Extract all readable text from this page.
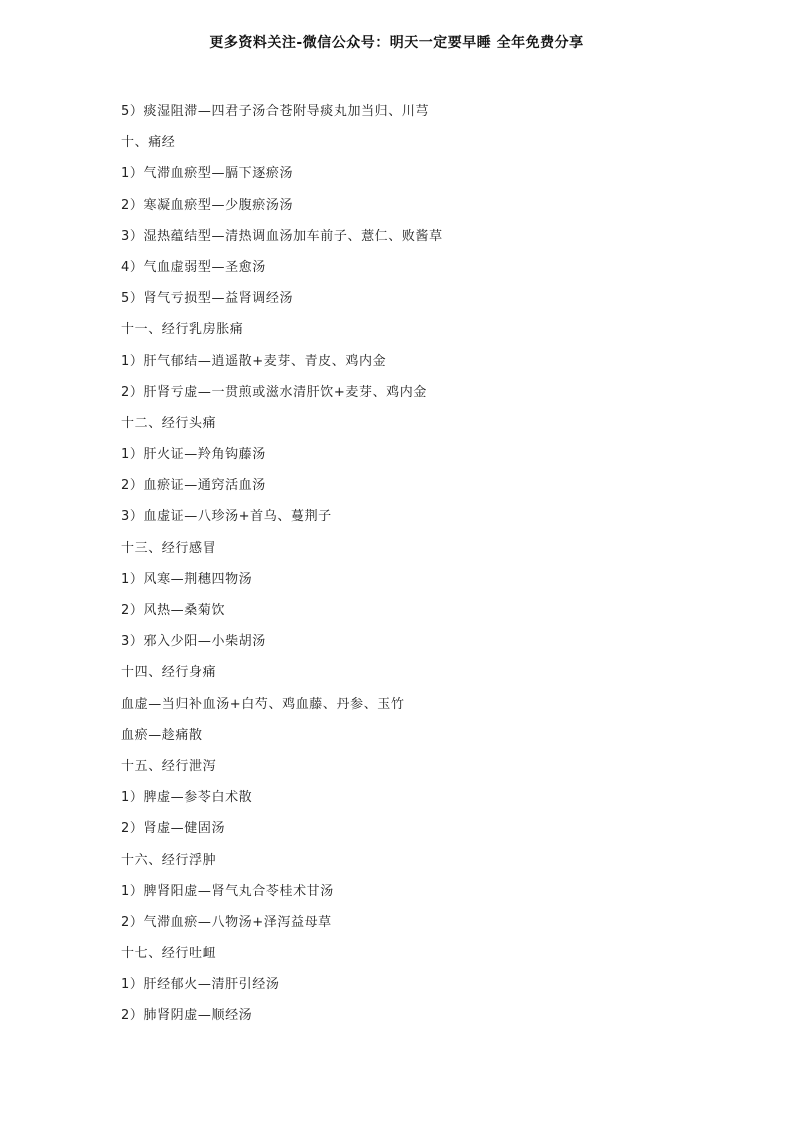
更多资料关注-微信公众号：明天一定要早睡 全年免费分享
5）痰湿阻滞—四君子汤合苍附导痰丸加当归、川芎
十、痛经
1）气滞血瘀型—膈下逐瘀汤
2）寒凝血瘀型—少腹瘀汤汤
3）湿热蕴结型—清热调血汤加车前子、薏仁、败酱草
4）气血虚弱型—圣愈汤
5）肾气亏损型—益肾调经汤
十一、经行乳房胀痛
1）肝气郁结—逍遥散+麦芽、青皮、鸡内金
2）肝肾亏虚—一贯煎或滋水清肝饮+麦芽、鸡内金
十二、经行头痛
1）肝火证—羚角钩藤汤
2）血瘀证—通窍活血汤
3）血虚证—八珍汤+首乌、蔓荆子
十三、经行感冒
1）风寒—荆穗四物汤
2）风热—桑菊饮
3）邪入少阳—小柴胡汤
十四、经行身痛
血虚—当归补血汤+白芍、鸡血藤、丹参、玉竹
血瘀—趁痛散
十五、经行泄泻
1）脾虚—参苓白术散
2）肾虚—健固汤
十六、经行浮肿
1）脾肾阳虚—肾气丸合苓桂术甘汤
2）气滞血瘀—八物汤+泽泻益母草
十七、经行吐衄
1）肝经郁火—清肝引经汤
2）肺肾阴虚—顺经汤
